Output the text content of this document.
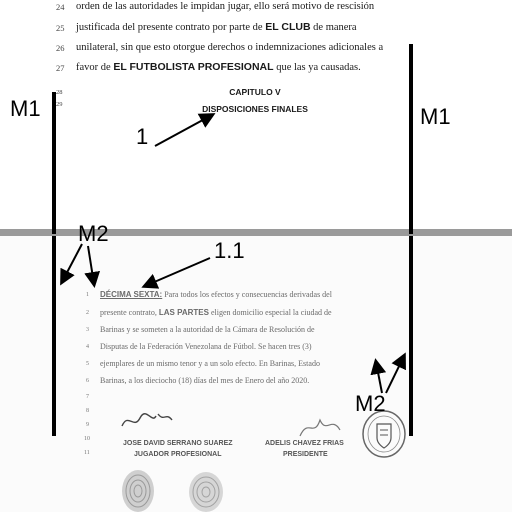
24 orden de las autoridades le impidan jugar, ello será motivo de rescisión
25 justificada del presente contrato por parte de EL CLUB de manera
26 unilateral, sin que esto otorgue derechos o indemnizaciones adicionales a
27 favor de EL FUTBOLISTA PROFESIONAL que las ya causadas.
28
29
CAPITULO V
DISPOSICIONES FINALES
1 DÉCIMA SEXTA: Para todos los efectos y consecuencias derivadas del
2 presente contrato, LAS PARTES eligen domicilio especial la ciudad de
3 Barinas y se someten a la autoridad de la Cámara de Resolución de
4 Disputas de la Federación Venezolana de Fútbol. Se hacen tres (3)
5 ejemplares de un mismo tenor y a un solo efecto. En Barinas, Estado
6 Barinas, a los dieciocho (18) días del mes de Enero del año 2020.
7
8
9
10
11
JOSE DAVID SERRANO SUAREZ
JUGADOR PROFESIONAL
ADELIS CHAVEZ FRIAS
PRESIDENTE
M1	M1
1
1.1
M2
M2
